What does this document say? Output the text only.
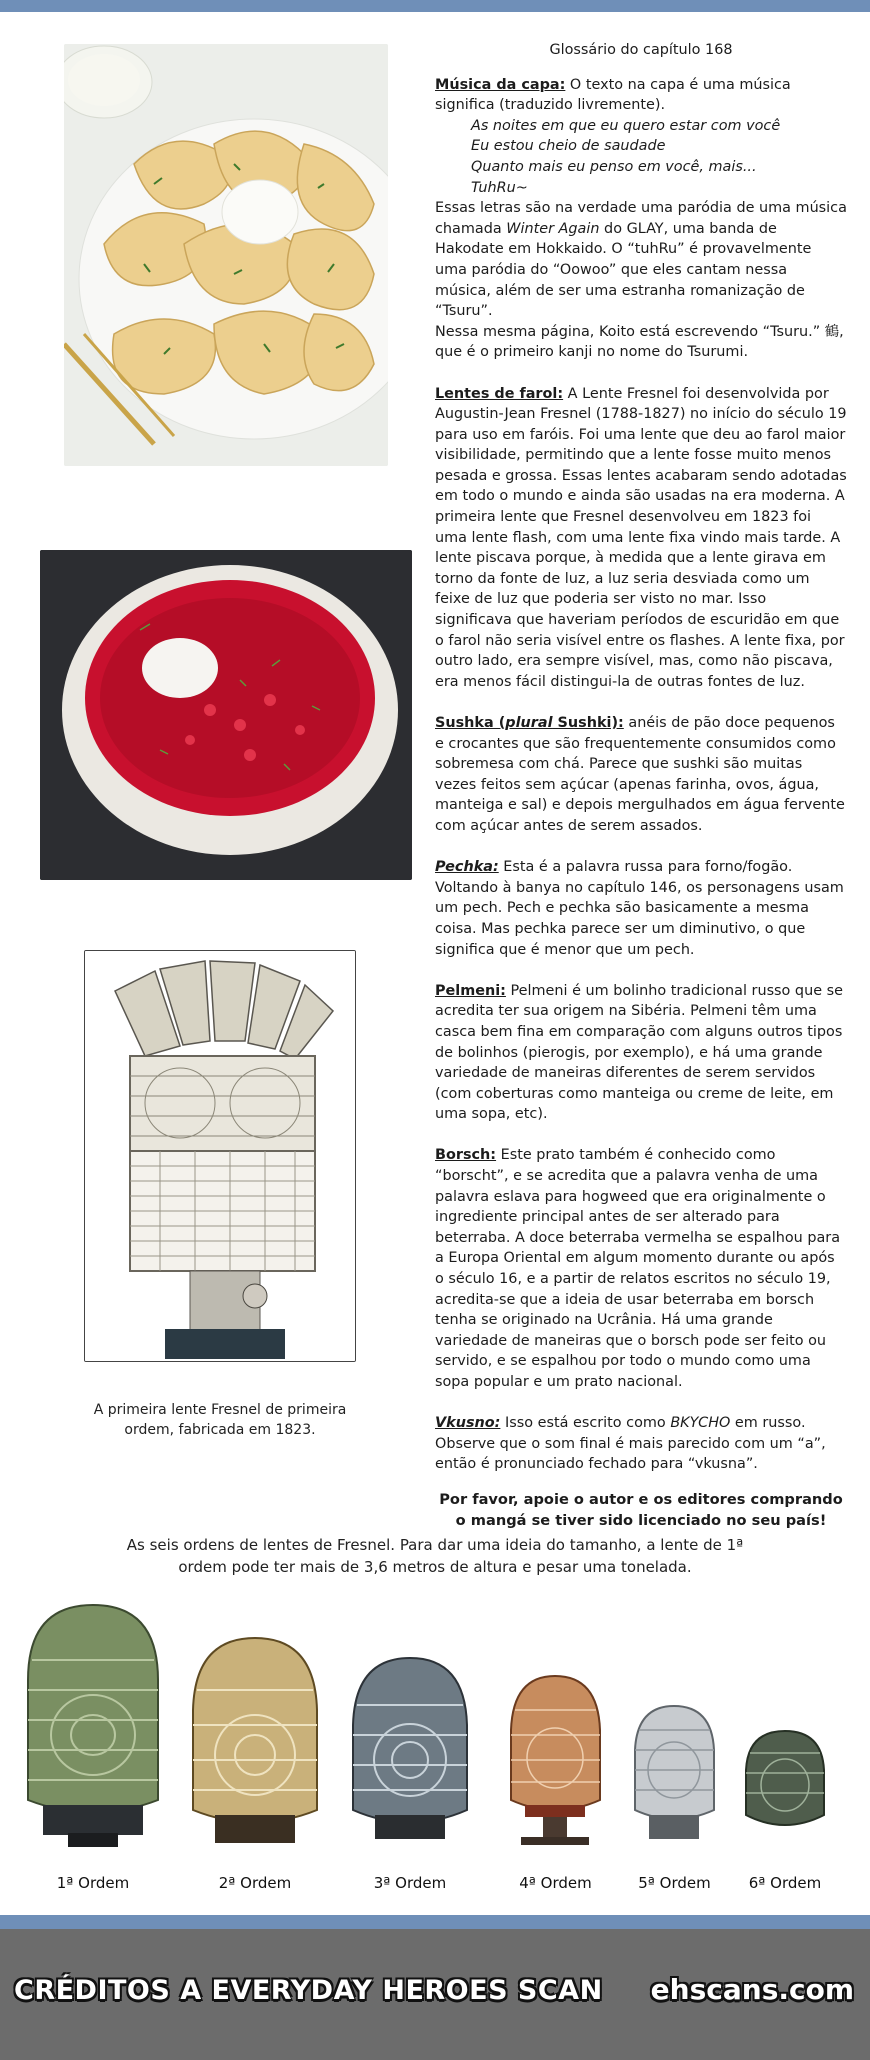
A primeira lente Fresnel de primeira ordem, fabricada em 1823.
Glossário do capítulo 168
Música da capa: O texto na capa é uma música significa (traduzido livremente).
As noites em que eu quero estar com você
Eu estou cheio de saudade
Quanto mais eu penso em você, mais...
TuhRu~
Essas letras são na verdade uma paródia de uma música chamada Winter Again do GLAY, uma banda de Hakodate em Hokkaido. O “tuhRu” é provavelmente uma paródia do “Oowoo” que eles cantam nessa música, além de ser uma estranha romanização de “Tsuru”.
Nessa mesma página, Koito está escrevendo “Tsuru.” 鶴, que é o primeiro kanji no nome do Tsurumi.
Lentes de farol: A Lente Fresnel foi desenvolvida por Augustin-Jean Fresnel (1788-1827) no início do século 19 para uso em faróis. Foi uma lente que deu ao farol maior visibilidade, permitindo que a lente fosse muito menos pesada e grossa. Essas lentes acabaram sendo adotadas em todo o mundo e ainda são usadas na era moderna. A primeira lente que Fresnel desenvolveu em 1823 foi uma lente flash, com uma lente fixa vindo mais tarde. A lente piscava porque, à medida que a lente girava em torno da fonte de luz, a luz seria desviada como um feixe de luz que poderia ser visto no mar. Isso significava que haveriam períodos de escuridão em que o farol não seria visível entre os flashes. A lente fixa, por outro lado, era sempre visível, mas, como não piscava, era menos fácil distingui-la de outras fontes de luz.
Sushka (plural Sushki): anéis de pão doce pequenos e crocantes que são frequentemente consumidos como sobremesa com chá. Parece que sushki são muitas vezes feitos sem açúcar (apenas farinha, ovos, água, manteiga e sal) e depois mergulhados em água fervente com açúcar antes de serem assados.
Pechka: Esta é a palavra russa para forno/fogão. Voltando à banya no capítulo 146, os personagens usam um pech. Pech e pechka são basicamente a mesma coisa. Mas pechka parece ser um diminutivo, o que significa que é menor que um pech.
Pelmeni: Pelmeni é um bolinho tradicional russo que se acredita ter sua origem na Sibéria. Pelmeni têm uma casca bem fina em comparação com alguns outros tipos de bolinhos (pierogis, por exemplo), e há uma grande variedade de maneiras diferentes de serem servidos (com coberturas como manteiga ou creme de leite, em uma sopa, etc).
Borsch: Este prato também é conhecido como “borscht”, e se acredita que a palavra venha de uma palavra eslava para hogweed que era originalmente o ingrediente principal antes de ser alterado para beterraba. A doce beterraba vermelha se espalhou para a Europa Oriental em algum momento durante ou após o século 16, e a partir de relatos escritos no século 19, acredita-se que a ideia de usar beterraba em borsch tenha se originado na Ucrânia. Há uma grande variedade de maneiras que o borsch pode ser feito ou servido, e se espalhou por todo o mundo como uma sopa popular e um prato nacional.
Vkusno: Isso está escrito como BKYCHO em russo. Observe que o som final é mais parecido com um “a”, então é pronunciado fechado para “vkusna”.
Por favor, apoie o autor e os editores comprando o mangá se tiver sido licenciado no seu país!
As seis ordens de lentes de Fresnel. Para dar uma ideia do tamanho, a lente de 1ª ordem pode ter mais de 3,6 metros de altura e pesar uma tonelada.
1ª Ordem	2ª Ordem	3ª Ordem	4ª Ordem	5ª Ordem	6ª Ordem
CRÉDITOS A EVERYDAY HEROES SCAN ehscans.com
